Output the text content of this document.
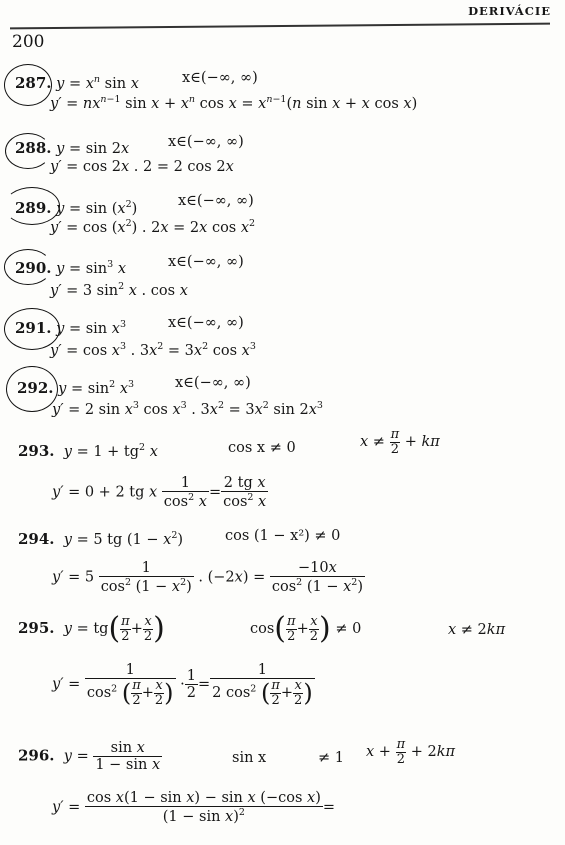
DERIVÁCIE
200
287. $y = x^n$ sin x	x∈(−∞, ∞)
$y' = nx^{n-1}$ $\sin x + x^n$ $\cos x = x^{n-1}(n$ sin x + x cos x)
288. y = sin 2x	x∈(−∞, ∞)
y′ = cos 2x . 2 = 2 cos 2x
289. $y = \sin (x^2)$	x∈(−∞, ∞)
$y' = \cos (x^2)$ . 2x = 2x $\cos x^2$
290. $y = \sin^3 x$	x∈(−∞, ∞)
y′ = 3 $\sin^2 x$ . cos x
291. $y = \sin x^3$	x∈(−∞, ∞)
$y' = \cos x^3$ . $3x^2 = 3x^2$ $\cos x^3$
292. $y = \sin^2 x^3$	x∈(−∞, ∞)
y′ = 2 $\sin x^3$ $\cos x^3$ . $3x^2 = 3x^2$ $\sin 2x^3$
293. $y = 1 + tg^2$ x	cos x ≠ 0	$x \ne \frac{\pi}{2} + k\pi$
y′ = 0 + 2 tg x $\frac{1}{\cos^2 x} = \frac{\text{2 tg x}}{\cos^2 x}$
294. y = 5 tg $(1 - x^2)$	cos (1 − x²) ≠ 0
$y' = 5 \frac{1}{\cos^2 (1 - x^2)}$ . $(-2x) = \frac{-10x}{\cos^2 (1 - x^2)}$
295. $y = tg( \frac{\pi}{2} + \frac{x}{2}$ )	$\cos( \frac{\pi}{2} + \frac{x}{2}$ ) ≠ 0	x ≠ 2kπ
$y' = \frac{1}{\cos^2 ( \frac{\pi}{2} + \frac{x}{2} )} \cdot \frac{1}{2} = \frac{1}{2 \cos^2 ( \frac{\pi}{2} + \frac{x}{2} )}$
296. $y = \frac{\text{sin x}}{\text{1 − sin x}}$	sin x	≠ 1 $x + \frac{\pi}{2} + 2k\pi$
$y' = \frac{\text{cos x(1 − sin x) − sin x (−cos x)}}{(1 - \sin x)^2}$ =
